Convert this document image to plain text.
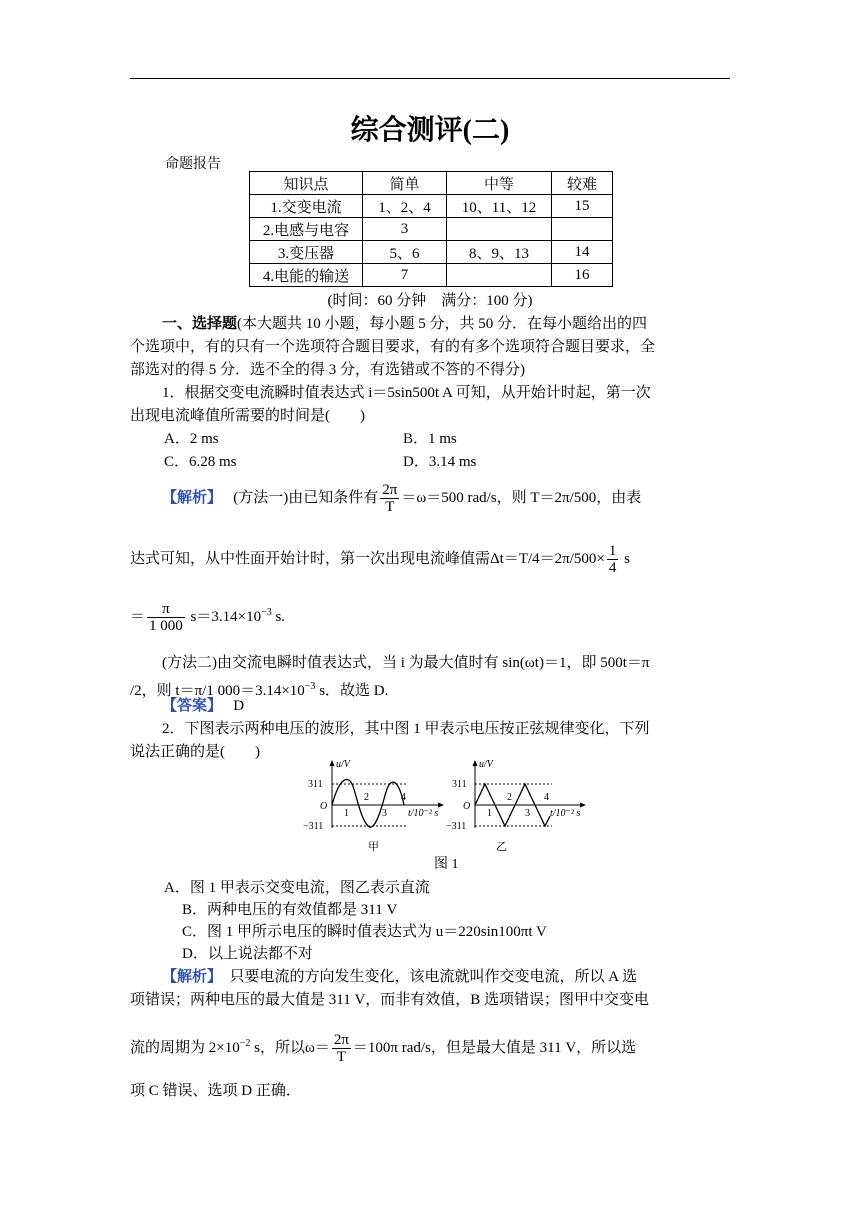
综合测评(二)
命题报告
知识点	简单	中等	较难
1.交变电流	1、2、4	10、11、12	15
2.电感与电容	3		
3.变压器	5、6	8、9、13	14
4.电能的输送	7		16
(时间：60 分钟　满分：100 分)
一、选择题(本大题共 10 小题，每小题 5 分，共 50 分．在每小题给出的四
个选项中，有的只有一个选项符合题目要求，有的有多个选项符合题目要求，全
部选对的得 5 分．选不全的得 3 分，有选错或不答的不得分)
1．根据交变电流瞬时值表达式 i＝5sin500t A 可知，从开始计时起，第一次
出现电流峰值所需要的时间是(　　)
A．2 ms	B．1 ms
C．6.28 ms	D．3.14 ms
【解析】　 (方法一)由已知条件有 $\frac{2\pi}{T} =\omega=500$ rad/s，则 T＝2π/500，由表
达式可知，从中性面开始计时，第一次出现电流峰值需$\Delta t=T/4=2\pi/500\times \frac{1}{4}$ s
＝ $\frac{\pi}{1 000} s=3.14\times 10^{-3}$ s.
(方法二)由交流电瞬时值表达式，当 i 为最大值时有 sin(ωt)＝1，即 500t＝π
/2，则 t＝π/1 $000=3.14\times 10^{-3}$ s．故选 D.
【答案】　 D
2．下图表示两种电压的波形，其中图 1 甲表示电压按正弦规律变化，下列
说法正确的是(　　)
u/V
311
O
−311
1
2
3
4
t/10⁻² s
甲
u/V
311
O
−311
1
2
3
4
t/10⁻² s
乙
图 1
A．图 1 甲表示交变电流，图乙表示直流
B．两种电压的有效值都是 311 V
C．图 1 甲所示电压的瞬时值表达式为 u＝220sin100πt V
D．以上说法都不对
【解析】　 只要电流的方向发生变化，该电流就叫作交变电流，所以 A 选
项错误；两种电压的最大值是 311 V，而非有效值，B 选项错误；图甲中交变电
流的周期为 $2\times 10^{-2}$ s，所以$\omega= \frac{2\pi}{T} =100\pi$ rad/s，但是最大值是 311 V，所以选
项 C 错误、选项 D 正确．
